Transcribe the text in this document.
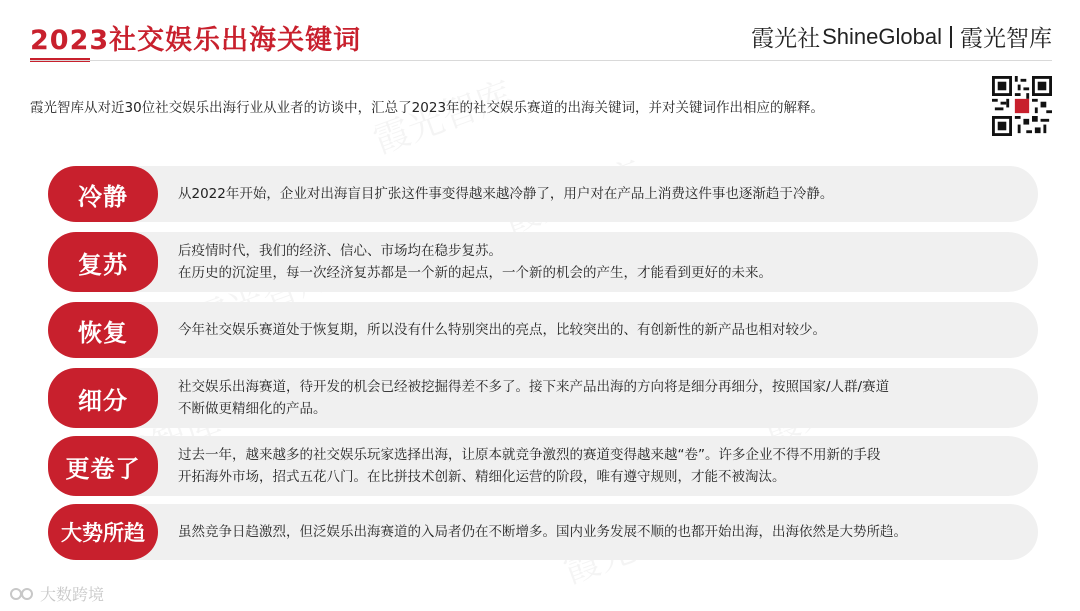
2023社交娱乐出海关键词	霞光社 ShineGlobal 霞光智库
霞光智库从对近30位社交娱乐出海行业从业者的访谈中，汇总了2023年的社交娱乐赛道的出海关键词，并对关键词作出相应的解释。
冷静	从2022年开始，企业对出海盲目扩张这件事变得越来越冷静了，用户对在产品上消费这件事也逐渐趋于冷静。
复苏	后疫情时代，我们的经济、信心、市场均在稳步复苏。
在历史的沉淀里，每一次经济复苏都是一个新的起点，一个新的机会的产生，才能看到更好的未来。
恢复	今年社交娱乐赛道处于恢复期，所以没有什么特别突出的亮点，比较突出的、有创新性的新产品也相对较少。
细分	社交娱乐出海赛道，待开发的机会已经被挖掘得差不多了。接下来产品出海的方向将是细分再细分，按照国家/人群/赛道
不断做更精细化的产品。
更卷了	过去一年，越来越多的社交娱乐玩家选择出海，让原本就竞争激烈的赛道变得越来越“卷”。许多企业不得不用新的手段
开拓海外市场，招式五花八门。在比拼技术创新、精细化运营的阶段，唯有遵守规则，才能不被淘汰。
大势所趋	虽然竞争日趋激烈，但泛娱乐出海赛道的入局者仍在不断增多。国内业务发展不顺的也都开始出海，出海依然是大势所趋。
大数跨境
